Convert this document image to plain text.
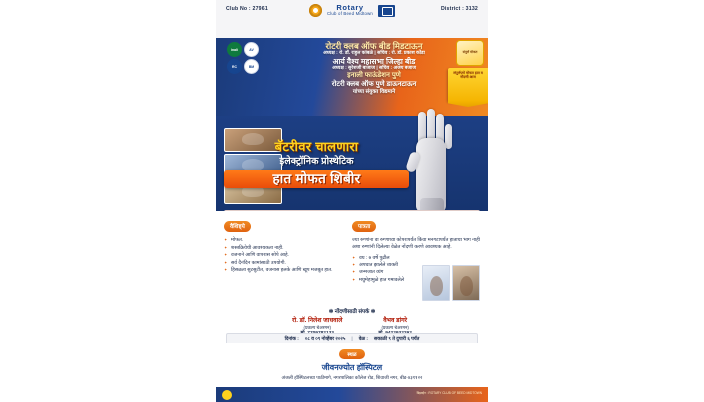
Club No : 27961	District : 3132
Rotary
Club of Beed Midtown
inali	AV
RC	BM
रोटरी क्लब ऑफ बीड मिडटाऊन
अध्यक्ष : रो. डॉ. राहुल कांबळे | सचिव : रो. डॉ. प्रकाश कोंडा
आर्य वैश्य महासभा जिल्हा बीड
अध्यक्ष : सुरेशजी बाजाज | सचिव : अजय बजाज
इनाली फाऊंडेशन पुणे
रोटरी क्लब ऑफ पुणे डाऊनटाऊन
यांच्या संयुक्त विद्यमाने
संपूर्ण मोफत
संपूर्णपणे मोफत हात व नोंदणी आज
बॅटरीवर चालणारा
इलेक्ट्रॉनिक प्रोस्थेटिक
हात मोफत शिबीर
वैशिष्ट्ये
✦ मोफत.
✦ शस्त्रक्रियेची आवश्यकता नाही.
✦ वजनाने आणि वापरास सोपे आहे.
✦ सर्व दैनंदिन कामांसाठी उपयोगी.
✦ हिसळता सुटसुटीत, वजनास हलके आणि खूप मजबूत हात.
पात्रता
ज्या रुग्णांना वा रुग्णाच्या कोपरापर्यंत किंवा मनगटापर्यंत हाताचा भाग नाही अशा रुग्णांनी दिलेल्या वेळेत नोंदणी करणे आवश्यक आहे.
✦ वय : ७ वर्षे पुढील
✦ अपघात झालेले व्यक्ती
✦ जन्मजात व्यंग
✦ मधुमेहामुळे हात गमावलेले
✻ नोंदणीसाठी संपर्क ✻
रो. डॉ. निलेश जाधवाले
(प्रकल्प चेअरमन)
वैभव डांगरे
(प्रकल्प चेअरमन)
दिनांक : ०८ व ०९ नोव्हेंबर २०२५ | वेळ : सकाळी ९ ते दुपारी ६ पर्यंत
स्थळ
जीवनज्योत हॉस्पिटल
अंजली हॉस्पिटलच्या पाठीमागे, नगरपालिका कॉलेज रोड, शिवाजी नगर, बीड-४३११२२
डिझाईन : ROTARY CLUB OF BEED MIDTOWN
